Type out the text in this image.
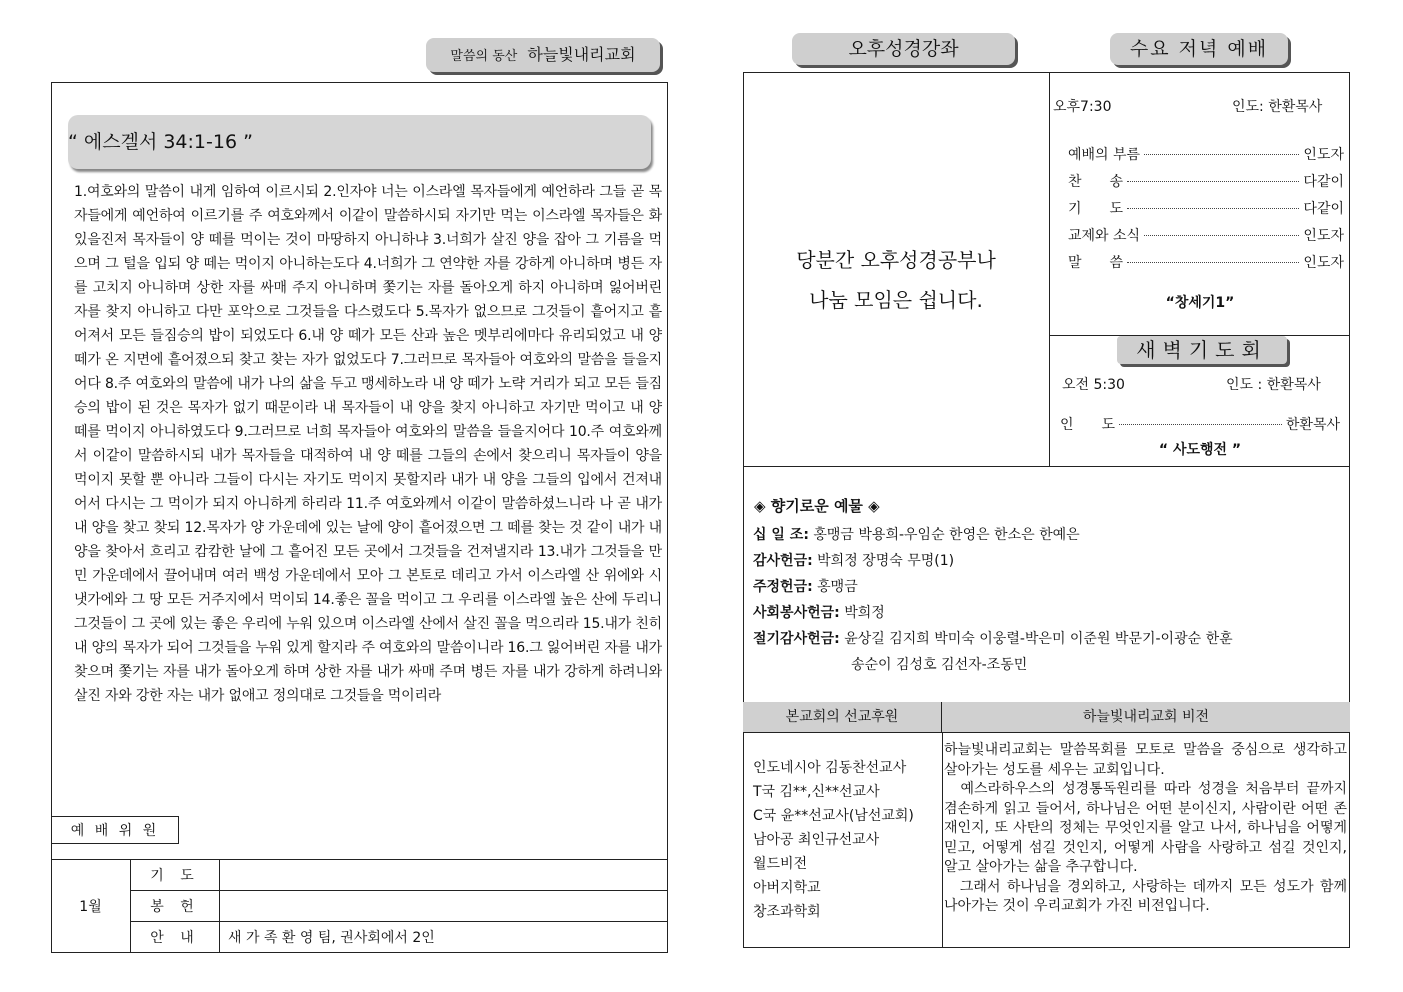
말씀의 동산 하늘빛내리교회
“ 에스겔서 34:1-16 ”
1.여호와의 말씀이 내게 임하여 이르시되 2.인자야 너는 이스라엘 목자들에게 예언하라 그들 곧 목자들에게 예언하여 이르기를 주 여호와께서 이같이 말씀하시되 자기만 먹는 이스라엘 목자들은 화 있을진저 목자들이 양 떼를 먹이는 것이 마땅하지 아니하냐 3.너희가 살진 양을 잡아 그 기름을 먹으며 그 털을 입되 양 떼는 먹이지 아니하는도다 4.너희가 그 연약한 자를 강하게 아니하며 병든 자를 고치지 아니하며 상한 자를 싸매 주지 아니하며 쫓기는 자를 돌아오게 하지 아니하며 잃어버린 자를 찾지 아니하고 다만 포악으로 그것들을 다스렸도다 5.목자가 없으므로 그것들이 흩어지고 흩어져서 모든 들짐승의 밥이 되었도다 6.내 양 떼가 모든 산과 높은 멧부리에마다 유리되었고 내 양 떼가 온 지면에 흩어졌으되 찾고 찾는 자가 없었도다 7.그러므로 목자들아 여호와의 말씀을 들을지어다 8.주 여호와의 말씀에 내가 나의 삶을 두고 맹세하노라 내 양 떼가 노략 거리가 되고 모든 들짐승의 밥이 된 것은 목자가 없기 때문이라 내 목자들이 내 양을 찾지 아니하고 자기만 먹이고 내 양 떼를 먹이지 아니하였도다 9.그러므로 너희 목자들아 여호와의 말씀을 들을지어다 10.주 여호와께서 이같이 말씀하시되 내가 목자들을 대적하여 내 양 떼를 그들의 손에서 찾으리니 목자들이 양을 먹이지 못할 뿐 아니라 그들이 다시는 자기도 먹이지 못할지라 내가 내 양을 그들의 입에서 건져내어서 다시는 그 먹이가 되지 아니하게 하리라 11.주 여호와께서 이같이 말씀하셨느니라 나 곧 내가 내 양을 찾고 찾되 12.목자가 양 가운데에 있는 날에 양이 흩어졌으면 그 떼를 찾는 것 같이 내가 내 양을 찾아서 흐리고 캄캄한 날에 그 흩어진 모든 곳에서 그것들을 건져낼지라 13.내가 그것들을 만민 가운데에서 끌어내며 여러 백성 가운데에서 모아 그 본토로 데리고 가서 이스라엘 산 위에와 시냇가에와 그 땅 모든 거주지에서 먹이되 14.좋은 꼴을 먹이고 그 우리를 이스라엘 높은 산에 두리니 그것들이 그 곳에 있는 좋은 우리에 누워 있으며 이스라엘 산에서 살진 꼴을 먹으리라 15.내가 친히 내 양의 목자가 되어 그것들을 누워 있게 할지라 주 여호와의 말씀이니라 16.그 잃어버린 자를 내가 찾으며 쫓기는 자를 내가 돌아오게 하며 상한 자를 내가 싸매 주며 병든 자를 내가 강하게 하려니와 살진 자와 강한 자는 내가 없애고 정의대로 그것들을 먹이리라
예 배 위 원
1월	기 도	
	봉 헌	
	안 내	새 가 족 환 영 팀, 권사회에서 2인
오후성경강좌	수요 저녁 예배
당분간 오후성경공부나
나눔 모임은 쉽니다.
오후7:30	인도: 한환목사
예배의 부름	인도자
찬　　송	다같이
기　　도	다같이
교제와 소식	인도자
말　　씀	인도자
“창세기1”
새벽기도회
오전 5:30	인도 : 한환목사
인　　도	한환목사
“ 사도행전 ”
◈ 향기로운 예물 ◈
십 일 조: 홍맹금 박용희-우임순 한영은 한소은 한예은
감사헌금: 박희정 장명숙 무명(1)
주정헌금: 홍맹금
사회봉사헌금: 박희정
절기감사헌금: 윤상길 김지희 박미숙 이웅렬-박은미 이준원 박문기-이광순 한훈
송순이 김성호 김선자-조동민
본교회의 선교후원	하늘빛내리교회 비전
인도네시아 김동찬선교사
T국 김**,신**선교사
C국 윤**선교사(남선교회)
남아공 최인규선교사
월드비전
아버지학교
창조과학회
하늘빛내리교회는 말씀목회를 모토로 말씀을 중심으로 생각하고 살아가는 성도를 세우는 교회입니다.
　예스라하우스의 성경통독원리를 따라 성경을 처음부터 끝까지 겸손하게 읽고 들어서, 하나님은 어떤 분이신지, 사람이란 어떤 존재인지, 또 사탄의 정체는 무엇인지를 알고 나서, 하나님을 어떻게 믿고, 어떻게 섬길 것인지, 어떻게 사람을 사랑하고 섬길 것인지, 알고 살아가는 삶을 추구합니다.
　그래서 하나님을 경외하고, 사랑하는 데까지 모든 성도가 함께 나아가는 것이 우리교회가 가진 비전입니다.
